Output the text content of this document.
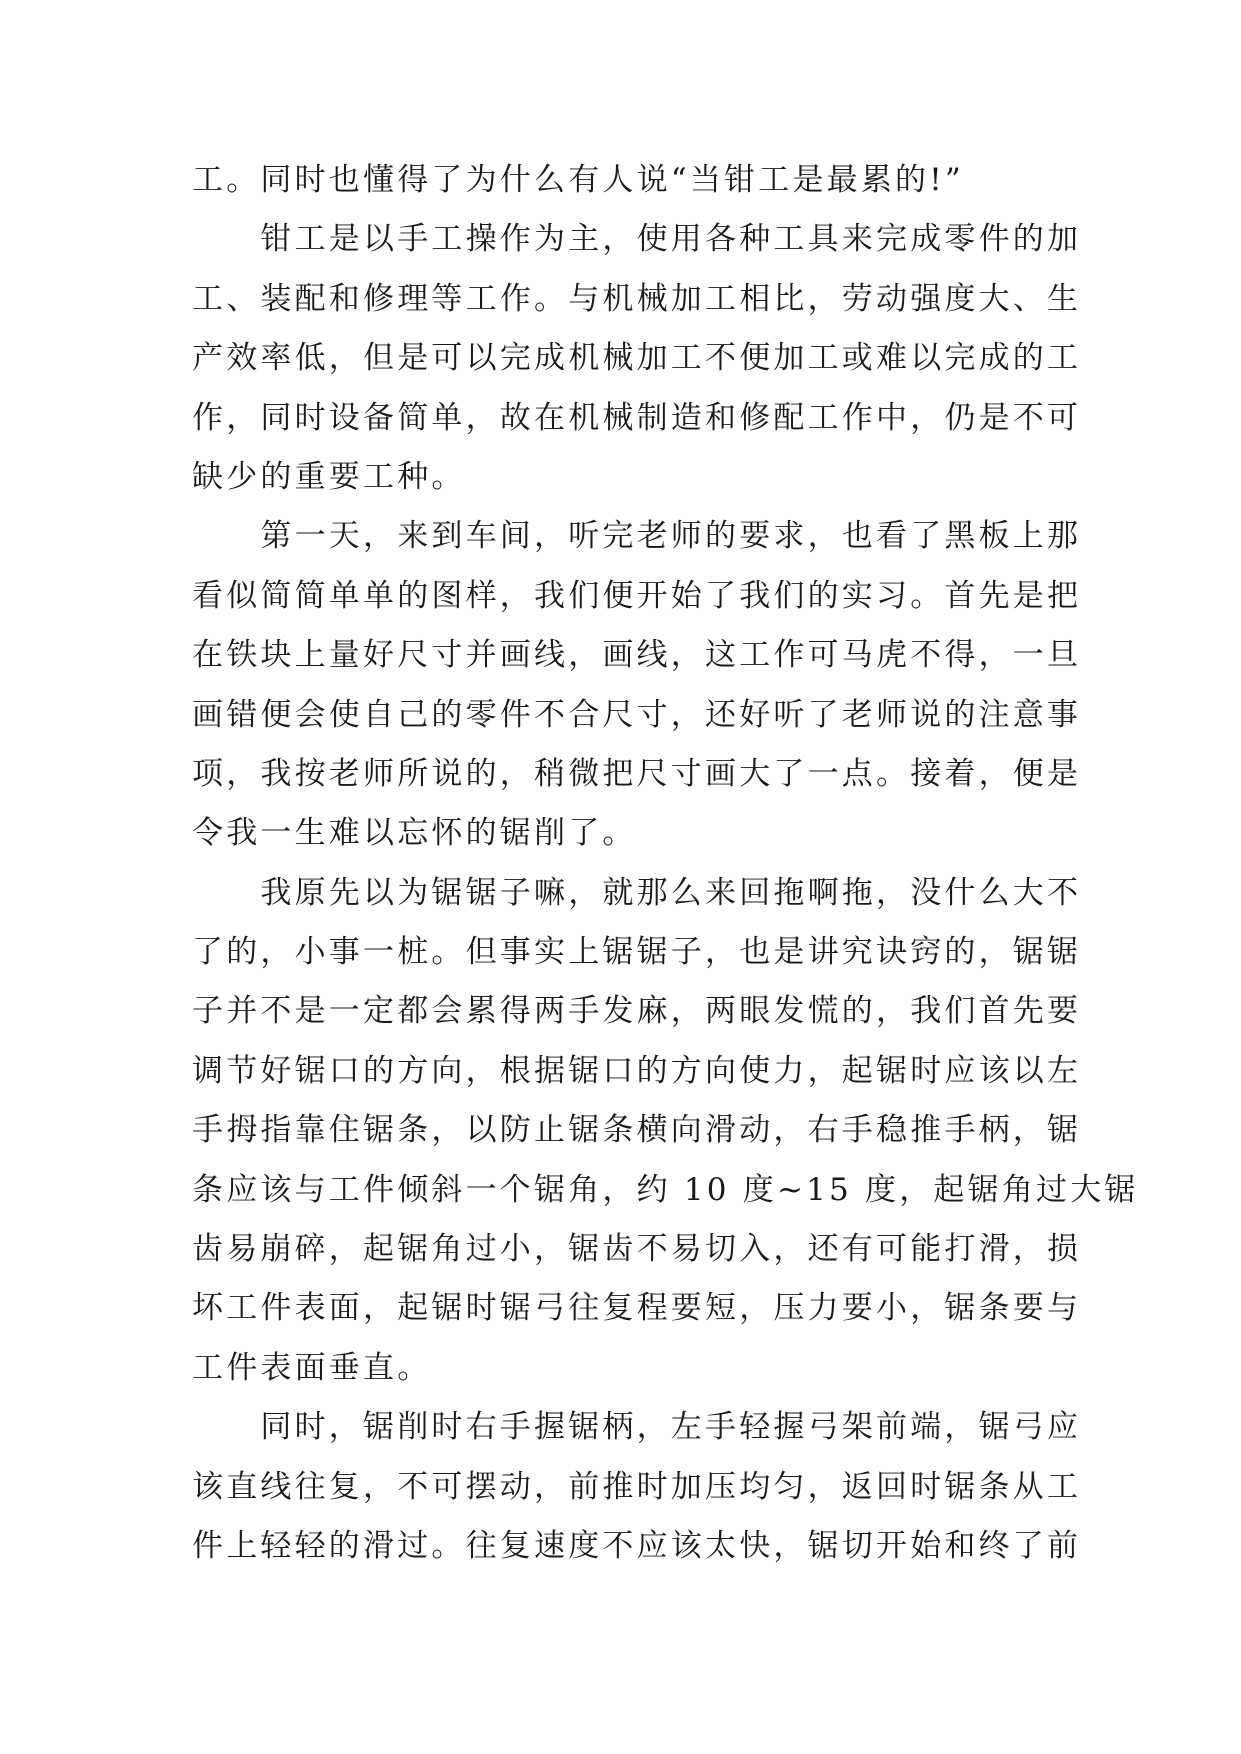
工。同时也懂得了为什么有人说“当钳工是最累的!”
　　钳工是以手工操作为主，使用各种工具来完成零件的加
工、装配和修理等工作。与机械加工相比，劳动强度大、生
产效率低，但是可以完成机械加工不便加工或难以完成的工
作，同时设备简单，故在机械制造和修配工作中，仍是不可
缺少的重要工种。
　　第一天，来到车间，听完老师的要求，也看了黑板上那
看似简简单单的图样，我们便开始了我们的实习。首先是把
在铁块上量好尺寸并画线，画线，这工作可马虎不得，一旦
画错便会使自己的零件不合尺寸，还好听了老师说的注意事
项，我按老师所说的，稍微把尺寸画大了一点。接着，便是
令我一生难以忘怀的锯削了。
　　我原先以为锯锯子嘛，就那么来回拖啊拖，没什么大不
了的，小事一桩。但事实上锯锯子，也是讲究诀窍的，锯锯
子并不是一定都会累得两手发麻，两眼发慌的，我们首先要
调节好锯口的方向，根据锯口的方向使力，起锯时应该以左
手拇指靠住锯条，以防止锯条横向滑动，右手稳推手柄，锯
条应该与工件倾斜一个锯角，约 10 度~15 度，起锯角过大锯
齿易崩碎，起锯角过小，锯齿不易切入，还有可能打滑，损
坏工件表面，起锯时锯弓往复程要短，压力要小，锯条要与
工件表面垂直。
　　同时，锯削时右手握锯柄，左手轻握弓架前端，锯弓应
该直线往复，不可摆动，前推时加压均匀，返回时锯条从工
件上轻轻的滑过。往复速度不应该太快，锯切开始和终了前
